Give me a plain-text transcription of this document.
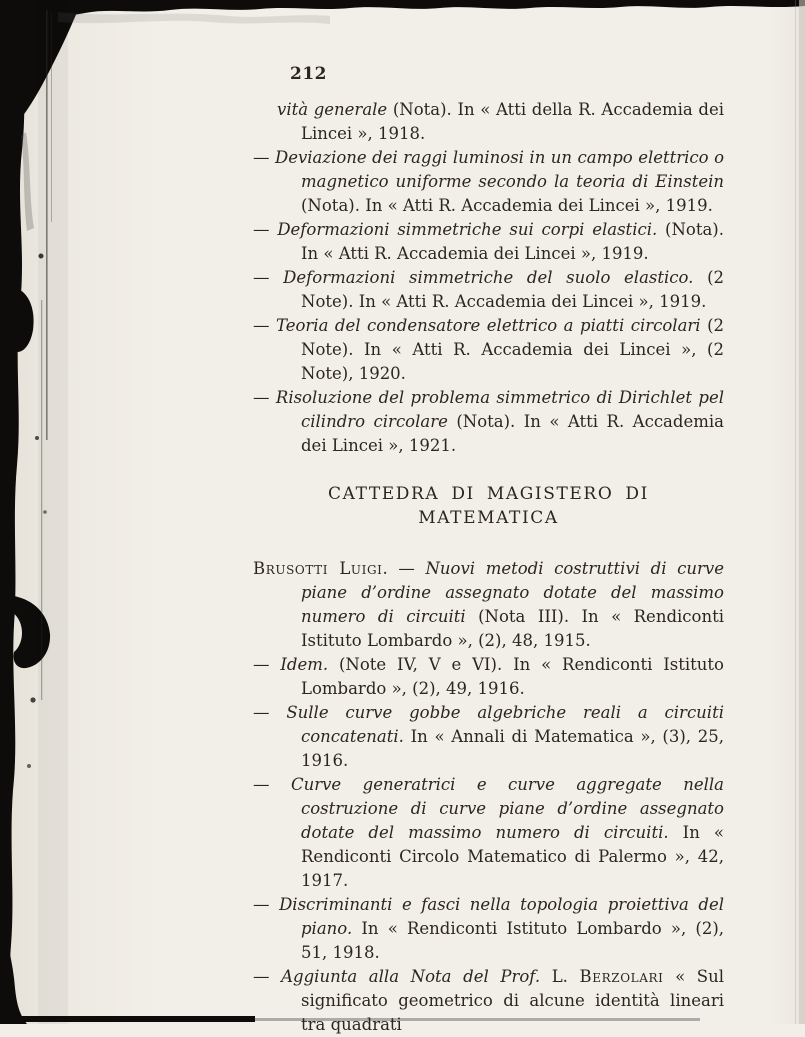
212

vità generale (Nota). In « Atti della R. Accademia dei Lincei », 1918.

— Deviazione dei raggi luminosi in un campo elettrico o magnetico uniforme secondo la teoria di Einstein (Nota). In « Atti R. Accademia dei Lincei », 1919.

— Deformazioni simmetriche sui corpi elastici. (Nota). In « Atti R. Accademia dei Lincei », 1919.

— Deformazioni simmetriche del suolo elastico. (2 Note). In « Atti R. Accademia dei Lincei », 1919.

— Teoria del condensatore elettrico a piatti circolari (2 Note). In « Atti R. Accademia dei Lincei », (2 Note), 1920.

— Risoluzione del problema simmetrico di Dirichlet pel cilindro circolare (Nota). In « Atti R. Accademia dei Lincei », 1921.

CATTEDRA DI MAGISTERO DI MATEMATICA

Brusotti Luigi. — Nuovi metodi costruttivi di curve piane d’ordine assegnato dotate del massimo numero di circuiti (Nota III). In « Rendiconti Istituto Lombardo », (2), 48, 1915.

— Idem. (Note IV, V e VI). In « Rendiconti Istituto Lombardo », (2), 49, 1916.

— Sulle curve gobbe algebriche reali a circuiti concatenati. In « Annali di Matematica », (3), 25, 1916.

— Curve generatrici e curve aggregate nella costruzione di curve piane d’ordine assegnato dotate del massimo numero di circuiti. In « Rendiconti Circolo Matematico di Palermo », 42, 1917.

— Discriminanti e fasci nella topologia proiettiva del piano. In « Rendiconti Istituto Lombardo », (2), 51, 1918.

— Aggiunta alla Nota del Prof. L. Berzolari « Sul significato geometrico di alcune identità lineari tra quadrati
